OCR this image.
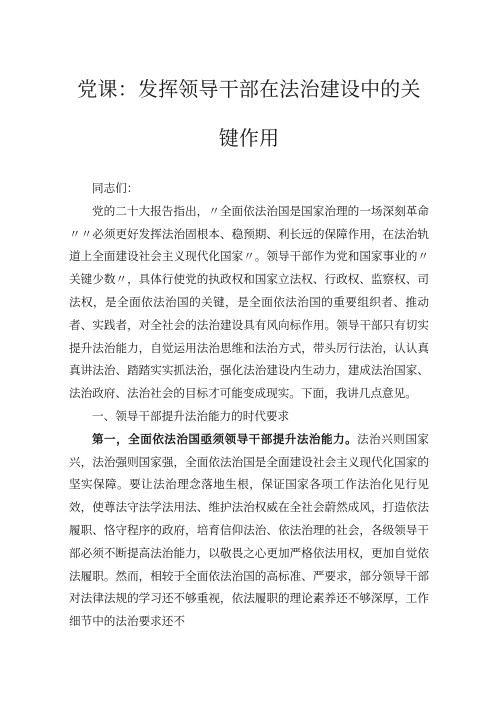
党课：发挥领导干部在法治建设中的关
键作用

同志们：

党的二十大报告指出，〃全面依法治国是国家治理的一场深刻革命〃〃必须更好发挥法治固根本、稳预期、利长远的保障作用，在法治轨道上全面建设社会主义现代化国家〃。领导干部作为党和国家事业的〃关键少数〃，具体行使党的执政权和国家立法权、行政权、监察权、司法权，是全面依法治国的关键，是全面依法治国的重要组织者、推动者、实践者，对全社会的法治建设具有风向标作用。领导干部只有切实提升法治能力，自觉运用法治思维和法治方式，带头厉行法治，认认真真讲法治、踏踏实实抓法治，强化法治建设内生动力，建成法治国家、法治政府、法治社会的目标才可能变成现实。下面，我讲几点意见。

一、领导干部提升法治能力的时代要求

第一，全面依法治国亟须领导干部提升法治能力。法治兴则国家兴，法治强则国家强，全面依法治国是全面建设社会主义现代化国家的坚实保障。要让法治理念落地生根，保证国家各项工作法治化见行见效，使尊法守法学法用法、维护法治权威在全社会蔚然成风，打造依法履职、恪守程序的政府，培育信仰法治、依法治理的社会，各级领导干部必须不断提高法治能力，以敬畏之心更加严格依法用权，更加自觉依法履职。然而，相较于全面依法治国的高标准、严要求，部分领导干部对法律法规的学习还不够重视，依法履职的理论素养还不够深厚，工作细节中的法治要求还不
